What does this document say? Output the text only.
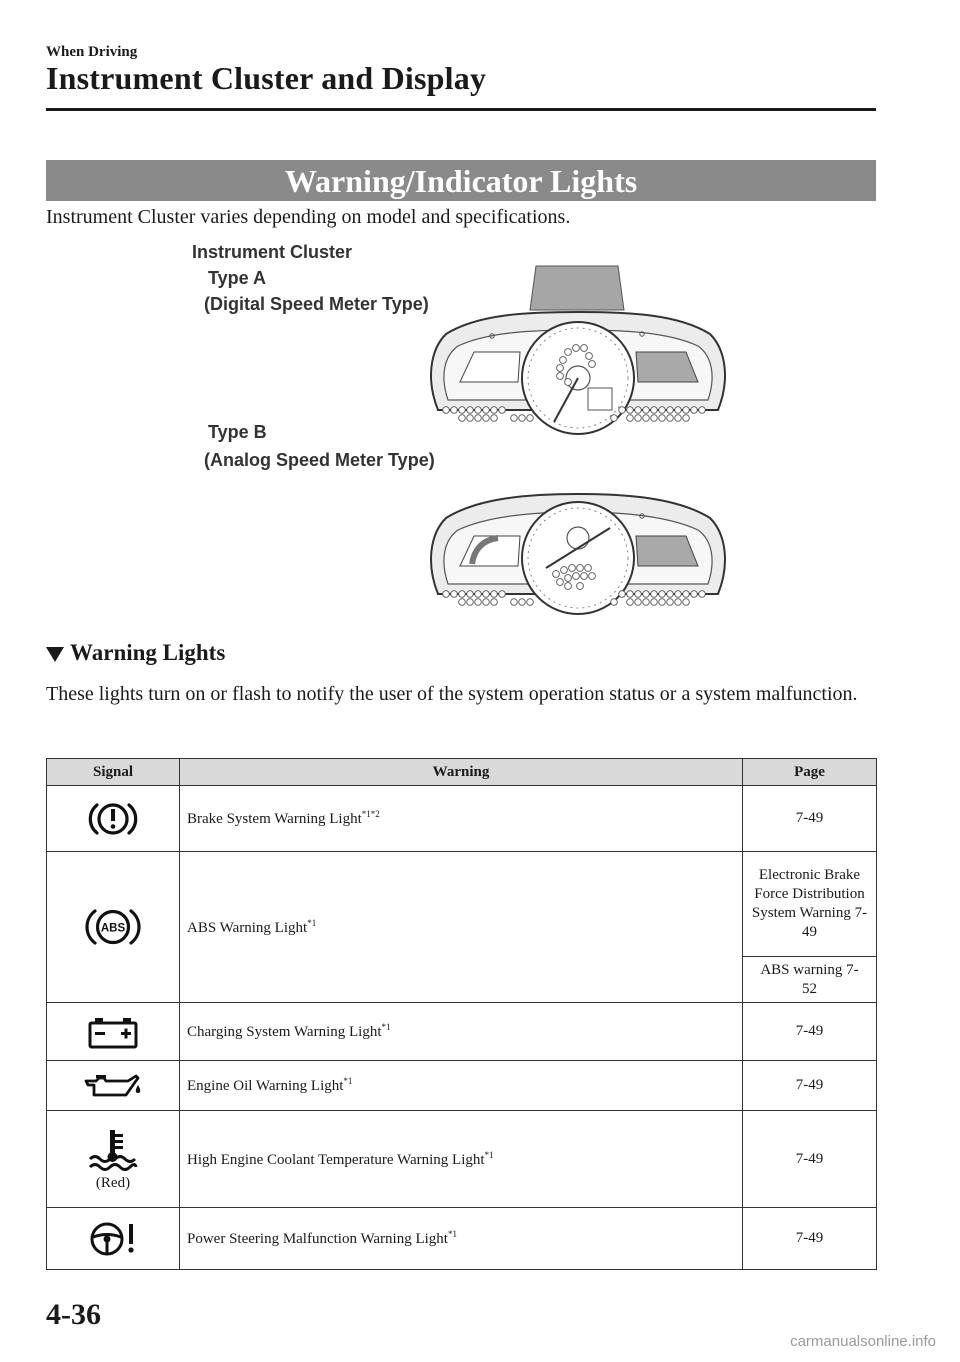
When Driving
Instrument Cluster and Display
Warning/Indicator Lights
Instrument Cluster varies depending on model and specifications.
Instrument Cluster
Type A
(Digital Speed Meter Type)
Type B
(Analog Speed Meter Type)
Warning Lights
These lights turn on or flash to notify the user of the system operation status or a system malfunction.
Signal	Warning	Page

	Brake System Warning Light$^{*1*2}$	7-49

ABS	ABS Warning Light$^{*1}$	Electronic Brake Force Distribution System Warning 7-49

		ABS warning 7-52

	Charging System Warning Light$^{*1}$	7-49

	Engine Oil Warning Light$^{*1}$	7-49

(Red)	High Engine Coolant Temperature Warning Light$^{*1}$	7-49

	Power Steering Malfunction Warning Light$^{*1}$	7-49
4-36
carmanualsonline.info
